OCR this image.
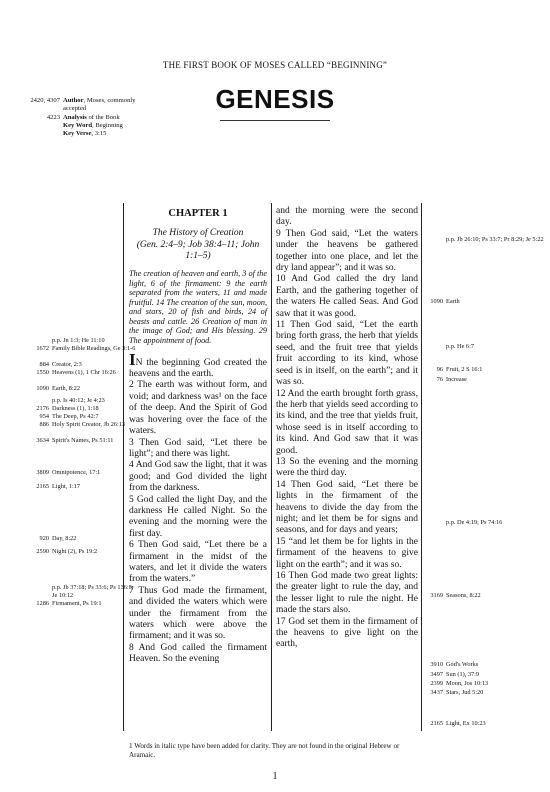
THE FIRST BOOK OF MOSES CALLED “BEGINNING”
GENESIS
2420, 4307 Author, Moses, commonly accepted
4223 Analysis of the Book
Key Word, Beginning
Key Verse, 3:15
p.p. Jn 1:3; He 11:10
1672 Family Bible Readings, Ge 3:1-6
884 Creator, 2:3
1550 Heavens (1), 1 Chr 16:26
1090 Earth, 8:22
p.p. Is 40:12; Je 4:23
2176 Darkness (1), 1:18
954 The Deep, Ps 42:7
886 Holy Spirit Creator, Jb 26:13
3634 Spirit's Names, Ps 51:11
3809 Omnipotence, 17:1
2165 Light, 1:17
920 Day, 8:22
2590 Night (2), Ps 19:2
p.p. Jb 37:18; Ps 33:6; Ps 136:5; Je 10:12
1286 Firmament, Ps 19:1
CHAPTER 1
The History of Creation
(Gen. 2:4–9; Job 38:4–11; John 1:1–5)
The creation of heaven and earth, 3 of the light, 6 of the firmament: 9 the earth separated from the waters, 11 and made fruitful. 14 The creation of the sun, moon, and stars, 20 of fish and birds, 24 of beasts and cattle. 26 Creation of man in the image of God; and His blessing. 29 The appointment of food.

IN the beginning God created the heavens and the earth.

2 The earth was without form, and void; and darkness was¹ on the face of the deep. And the Spirit of God was hovering over the face of the waters.

3 Then God said, “Let there be light”; and there was light.

4 And God saw the light, that it was good; and God divided the light from the darkness.

5 God called the light Day, and the darkness He called Night. So the evening and the morning were the first day.

6 Then God said, “Let there be a firmament in the midst of the waters, and let it divide the waters from the waters.”

7 Thus God made the firmament, and divided the waters which were under the firmament from the waters which were above the firmament; and it was so.

8 And God called the firmament Heaven. So the evening

and the morning were the second day.

9 Then God said, “Let the waters under the heavens be gathered together into one place, and let the dry land appear”; and it was so.

10 And God called the dry land Earth, and the gathering together of the waters He called Seas. And God saw that it was good.

11 Then God said, “Let the earth bring forth grass, the herb that yields seed, and the fruit tree that yields fruit according to its kind, whose seed is in itself, on the earth”; and it was so.

12 And the earth brought forth grass, the herb that yields seed according to its kind, and the tree that yields fruit, whose seed is in itself according to its kind. And God saw that it was good.

13 So the evening and the morning were the third day.

14 Then God said, “Let there be lights in the firmament of the heavens to divide the day from the night; and let them be for signs and seasons, and for days and years;

15 “and let them be for lights in the firmament of the heavens to give light on the earth”; and it was so.

16 Then God made two great lights: the greater light to rule the day, and the lesser light to rule the night. He made the stars also.

17 God set them in the firmament of the heavens to give light on the earth,

p.p. Jb 26:10; Ps 33:7; Pr 8:29; Je 5:22
1090 Earth
p.p. He 6:7
96 Fruit, 2 S 16:1
76 Increase
p.p. De 4:19; Ps 74:16
3169 Seasons, 8:22
3910 God's Works
3497 Sun (1), 37:9
2399 Moon, Jos 10:13
3437 Stars, Jud 5:20
2165 Light, Ex 10:23
1 Words in italic type have been added for clarity. They are not found in the original Hebrew or Aramaic.
1
